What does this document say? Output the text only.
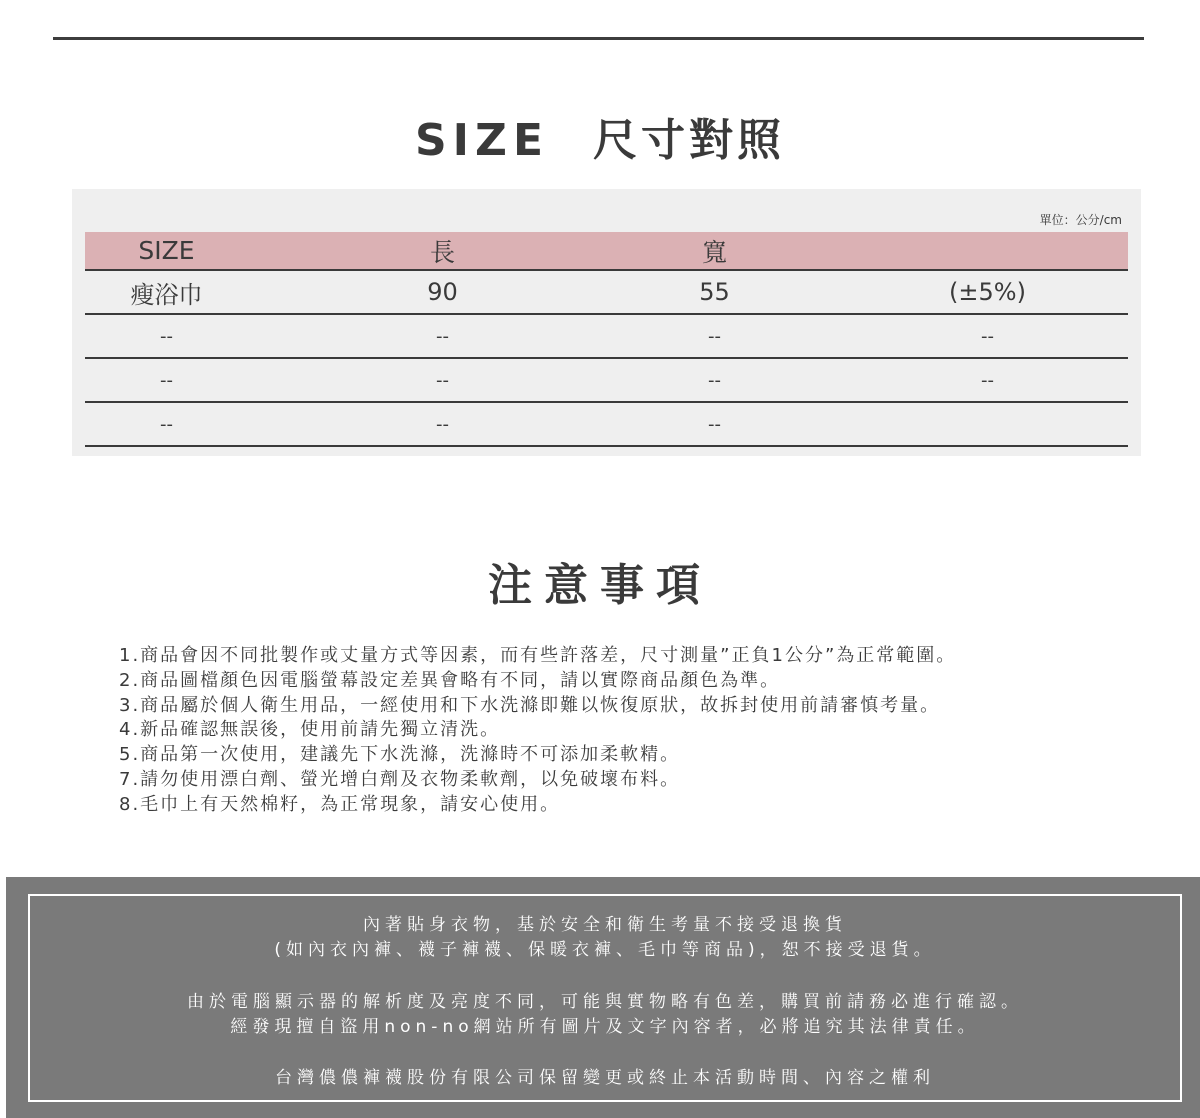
SIZE 尺寸對照
單位：公分/cm
SIZE	長	寬
瘦浴巾	90	55	(±5%)
--	--	--	--
--	--	--	--
--	--	--
注意事項
1.商品會因不同批製作或丈量方式等因素，而有些許落差，尺寸測量”正負1公分”為正常範圍。
2.商品圖檔顏色因電腦螢幕設定差異會略有不同，請以實際商品顏色為準。
3.商品屬於個人衛生用品，一經使用和下水洗滌即難以恢復原狀，故拆封使用前請審慎考量。
4.新品確認無誤後，使用前請先獨立清洗。
5.商品第一次使用，建議先下水洗滌，洗滌時不可添加柔軟精。
7.請勿使用漂白劑、螢光增白劑及衣物柔軟劑，以免破壞布料。
8.毛巾上有天然棉籽，為正常現象，請安心使用。
內著貼身衣物，基於安全和衛生考量不接受退換貨
(如內衣內褲、襪子褲襪、保暖衣褲、毛巾等商品)，恕不接受退貨。
由於電腦顯示器的解析度及亮度不同，可能與實物略有色差，購買前請務必進行確認。
經發現擅自盜用non-no網站所有圖片及文字內容者，必將追究其法律責任。
台灣儂儂褲襪股份有限公司保留變更或終止本活動時間、內容之權利
